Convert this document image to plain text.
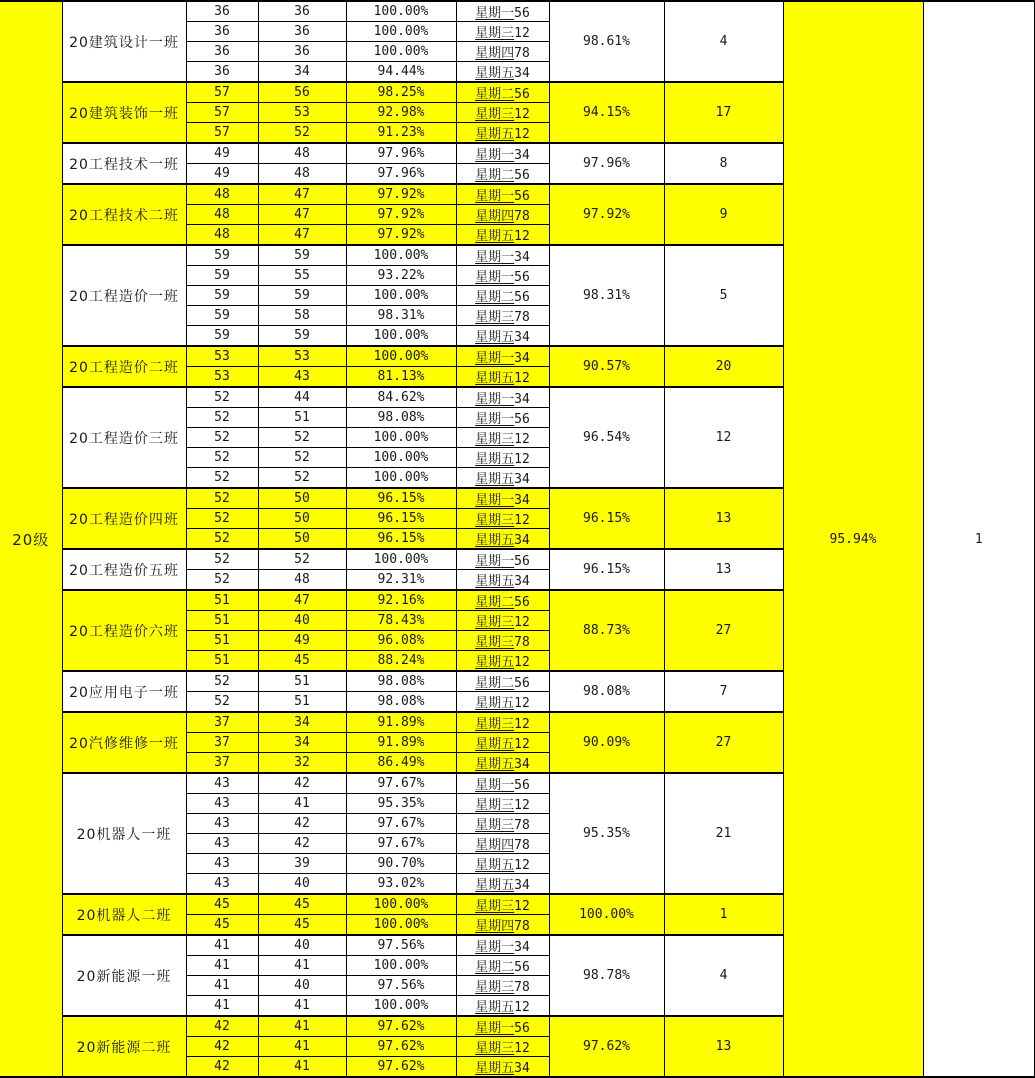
20级	20建筑设计一班	36	36	100.00%	星期一56	98.61%	4	95.94%	1
		36	36	100.00%	星期三12				
		36	36	100.00%	星期四78				
		36	34	94.44%	星期五34				
	20建筑装饰一班	57	56	98.25%	星期二56	94.15%	17		
		57	53	92.98%	星期三12				
		57	52	91.23%	星期五12				
	20工程技术一班	49	48	97.96%	星期一34	97.96%	8		
		49	48	97.96%	星期二56				
	20工程技术二班	48	47	97.92%	星期一56	97.92%	9		
		48	47	97.92%	星期四78				
		48	47	97.92%	星期五12				
	20工程造价一班	59	59	100.00%	星期一34	98.31%	5		
		59	55	93.22%	星期一56				
		59	59	100.00%	星期二56				
		59	58	98.31%	星期三78				
		59	59	100.00%	星期五34				
	20工程造价二班	53	53	100.00%	星期一34	90.57%	20		
		53	43	81.13%	星期五12				
	20工程造价三班	52	44	84.62%	星期一34	96.54%	12		
		52	51	98.08%	星期一56				
		52	52	100.00%	星期三12				
		52	52	100.00%	星期五12				
		52	52	100.00%	星期五34				
	20工程造价四班	52	50	96.15%	星期一34	96.15%	13		
		52	50	96.15%	星期三12				
		52	50	96.15%	星期五34				
	20工程造价五班	52	52	100.00%	星期一56	96.15%	13		
		52	48	92.31%	星期五34				
	20工程造价六班	51	47	92.16%	星期二56	88.73%	27		
		51	40	78.43%	星期三12				
		51	49	96.08%	星期三78				
		51	45	88.24%	星期五12				
	20应用电子一班	52	51	98.08%	星期二56	98.08%	7		
		52	51	98.08%	星期五12				
	20汽修维修一班	37	34	91.89%	星期三12	90.09%	27		
		37	34	91.89%	星期五12				
		37	32	86.49%	星期五34				
	20机器人一班	43	42	97.67%	星期一56	95.35%	21		
		43	41	95.35%	星期三12				
		43	42	97.67%	星期三78				
		43	42	97.67%	星期四78				
		43	39	90.70%	星期五12				
		43	40	93.02%	星期五34				
	20机器人二班	45	45	100.00%	星期三12	100.00%	1		
		45	45	100.00%	星期四78				
	20新能源一班	41	40	97.56%	星期一34	98.78%	4		
		41	41	100.00%	星期二56				
		41	40	97.56%	星期三78				
		41	41	100.00%	星期五12				
	20新能源二班	42	41	97.62%	星期一56	97.62%	13		
		42	41	97.62%	星期三12				
		42	41	97.62%	星期五34				
